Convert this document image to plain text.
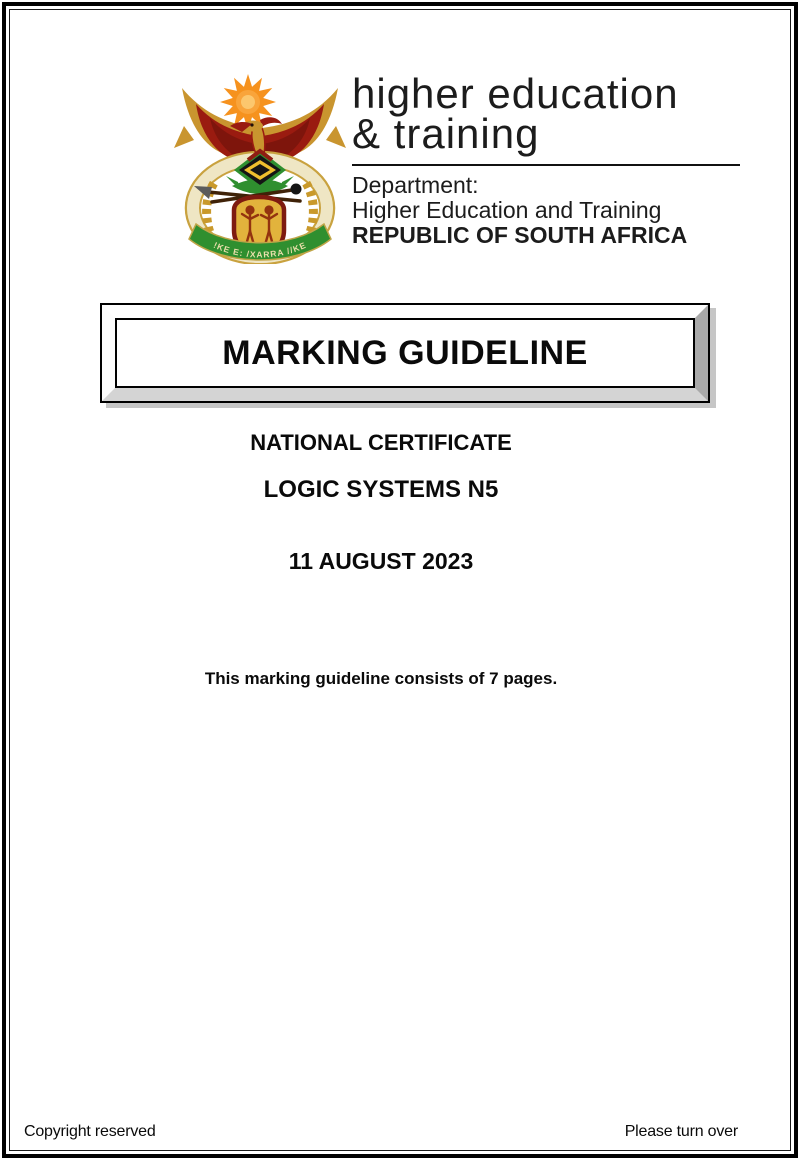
!KE E: /XARRA //KE
higher education
& training
Department:
Higher Education and Training
REPUBLIC OF SOUTH AFRICA
MARKING GUIDELINE
NATIONAL CERTIFICATE
LOGIC SYSTEMS N5
11 AUGUST 2023
This marking guideline consists of 7 pages.
Copyright reserved	Please turn over
